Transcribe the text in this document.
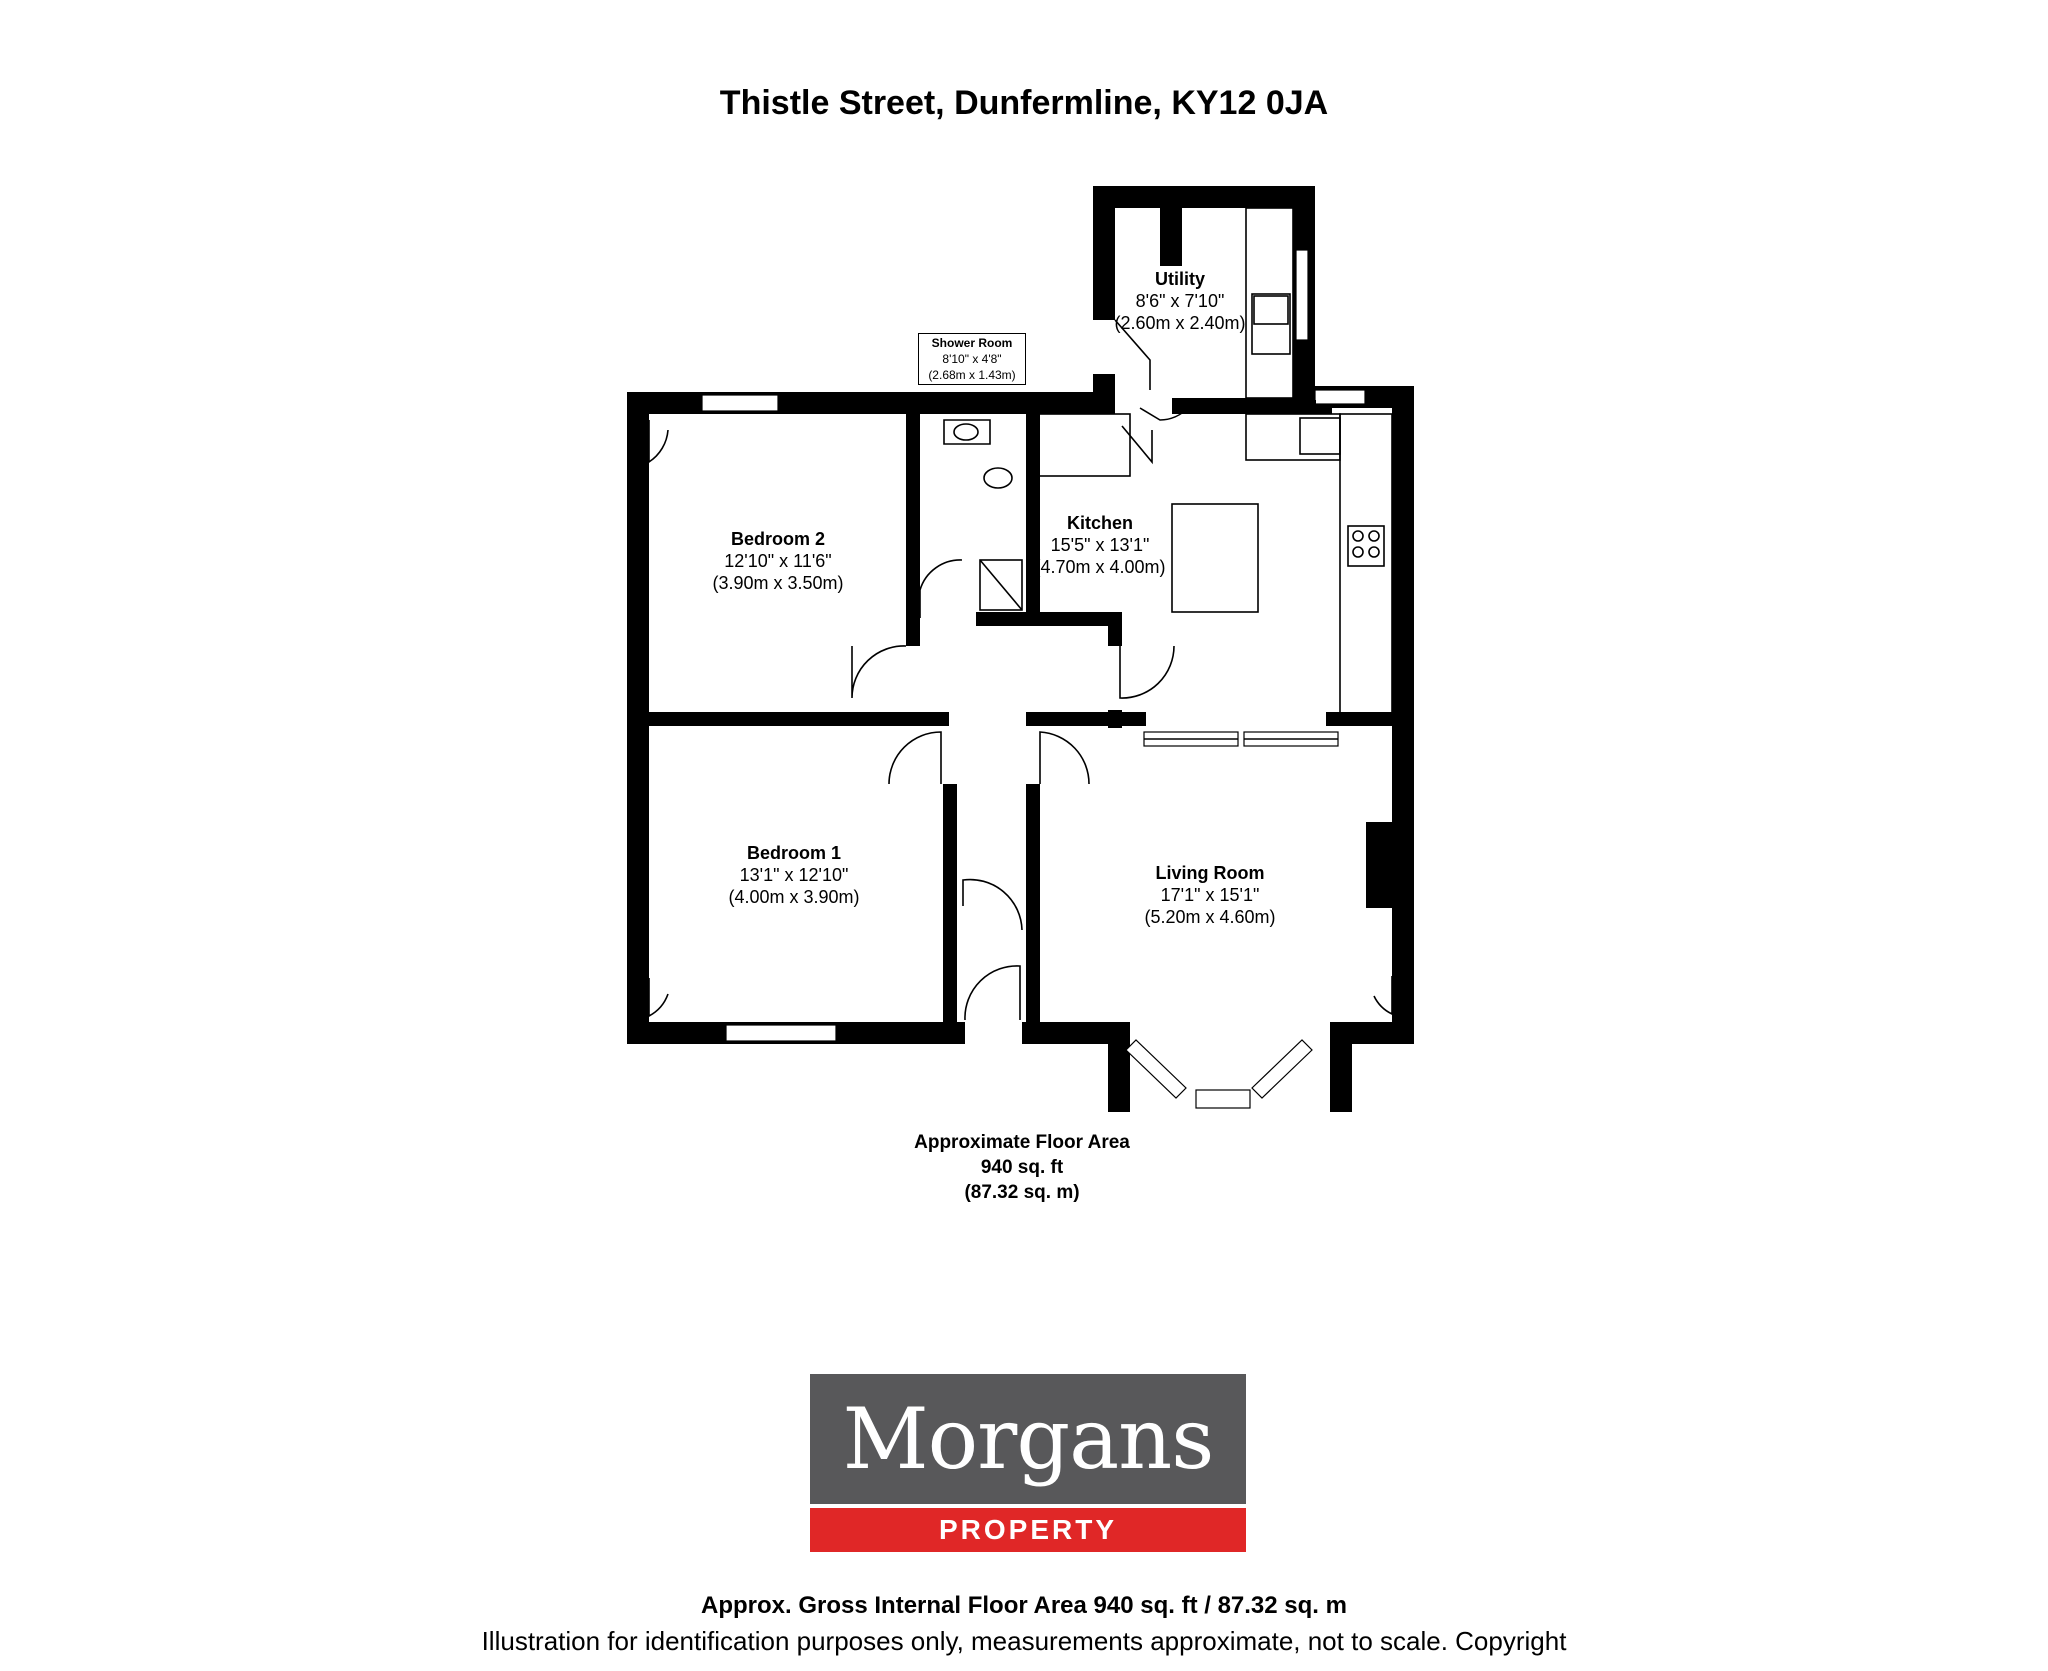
Thistle Street, Dunfermline, KY12 0JA
Utility
8'6" x 7'10"
(2.60m x 2.40m)
Shower Room
8'10" x 4'8"
(2.68m x 1.43m)
Bedroom 2
12'10" x 11'6"
(3.90m x 3.50m)
Kitchen
15'5" x 13'1"
(4.70m x 4.00m)
Bedroom 1
13'1" x 12'10"
(4.00m x 3.90m)
Living Room
17'1" x 15'1"
(5.20m x 4.60m)
Approximate Floor Area
940 sq. ft
(87.32 sq. m)
Morgans
PROPERTY
Approx. Gross Internal Floor Area 940 sq. ft / 87.32 sq. m
Illustration for identification purposes only, measurements approximate, not to scale. Copyright
